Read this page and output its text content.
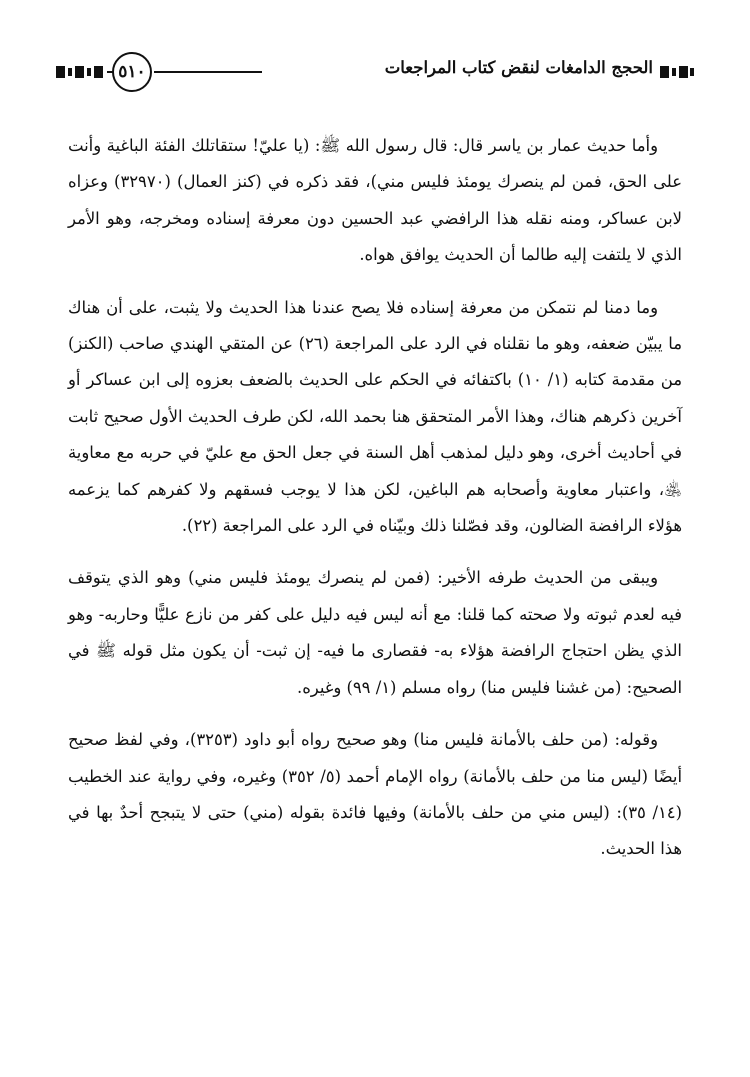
٥١٠	الحجج الدامغات لنقض كتاب المراجعات

وأما حديث عمار بن ياسر قال: قال رسول الله ﷺ: (يا عليّ! ستقاتلك الفئة الباغية وأنت على الحق، فمن لم ينصرك يومئذ فليس مني)، فقد ذكره في (كنز العمال) (٣٢٩٧٠) وعزاه لابن عساكر، ومنه نقله هذا الرافضي عبد الحسين دون معرفة إسناده ومخرجه، وهو الأمر الذي لا يلتفت إليه طالما أن الحديث يوافق هواه.

وما دمنا لم نتمكن من معرفة إسناده فلا يصح عندنا هذا الحديث ولا يثبت، على أن هناك ما يبيّن ضعفه، وهو ما نقلناه في الرد على المراجعة (٢٦) عن المتقي الهندي صاحب (الكنز) من مقدمة كتابه (١/ ١٠) باكتفائه في الحكم على الحديث بالضعف بعزوه إلى ابن عساكر أو آخرين ذكرهم هناك، وهذا الأمر المتحقق هنا بحمد الله، لكن طرف الحديث الأول صحيح ثابت في أحاديث أخرى، وهو دليل لمذهب أهل السنة في جعل الحق مع عليّ في حربه مع معاوية ﵁، واعتبار معاوية وأصحابه هم الباغين، لكن هذا لا يوجب فسقهم ولا كفرهم كما يزعمه هؤلاء الرافضة الضالون، وقد فصّلنا ذلك وبيّناه في الرد على المراجعة (٢٢).

ويبقى من الحديث طرفه الأخير: (فمن لم ينصرك يومئذ فليس مني) وهو الذي يتوقف فيه لعدم ثبوته ولا صحته كما قلنا: مع أنه ليس فيه دليل على كفر من نازع عليًّا وحاربه- وهو الذي يظن احتجاج الرافضة هؤلاء به- فقصارى ما فيه- إن ثبت- أن يكون مثل قوله ﷺ في الصحيح: (من غشنا فليس منا) رواه مسلم (١/ ٩٩) وغيره.

وقوله: (من حلف بالأمانة فليس منا) وهو صحيح رواه أبو داود (٣٢٥٣)، وفي لفظ صحيح أيضًا (ليس منا من حلف بالأمانة) رواه الإمام أحمد (٥/ ٣٥٢) وغيره، وفي رواية عند الخطيب (١٤/ ٣٥): (ليس مني من حلف بالأمانة) وفيها فائدة بقوله (مني) حتى لا يتبجح أحدٌ بها في هذا الحديث.
